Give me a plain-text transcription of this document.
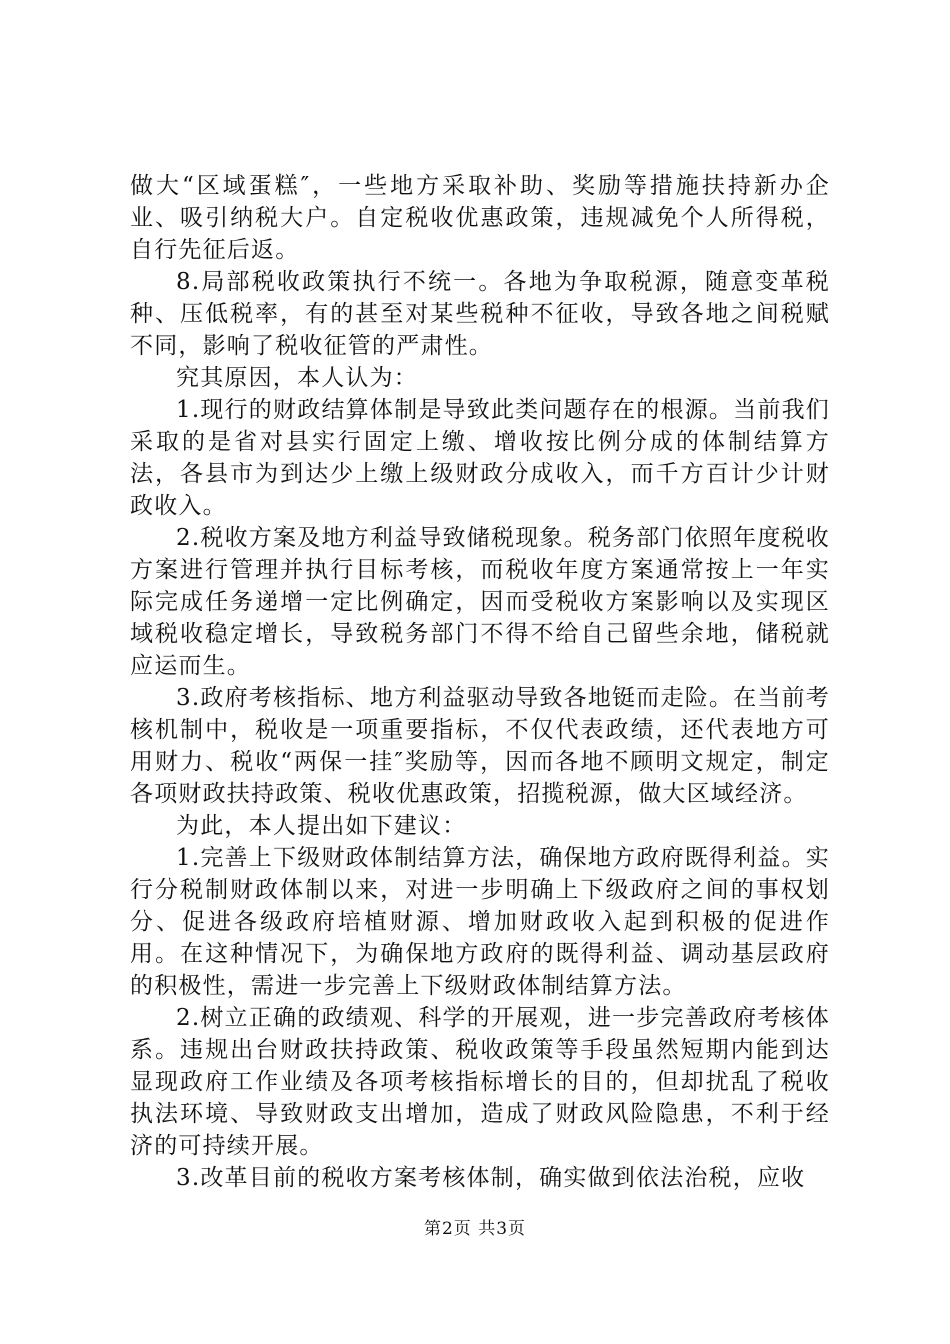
做大“区域蛋糕″，一些地方采取补助、奖励等措施扶持新办企业、吸引纳税大户。自定税收优惠政策，违规减免个人所得税，自行先征后返。

8.局部税收政策执行不统一。各地为争取税源，随意变革税种、压低税率，有的甚至对某些税种不征收，导致各地之间税赋不同，影响了税收征管的严肃性。

究其原因，本人认为：

1.现行的财政结算体制是导致此类问题存在的根源。当前我们采取的是省对县实行固定上缴、增收按比例分成的体制结算方法，各县市为到达少上缴上级财政分成收入，而千方百计少计财政收入。

2.税收方案及地方利益导致储税现象。税务部门依照年度税收方案进行管理并执行目标考核，而税收年度方案通常按上一年实际完成任务递增一定比例确定，因而受税收方案影响以及实现区域税收稳定增长，导致税务部门不得不给自己留些余地，储税就应运而生。

3.政府考核指标、地方利益驱动导致各地铤而走险。在当前考核机制中，税收是一项重要指标，不仅代表政绩，还代表地方可用财力、税收“两保一挂″奖励等，因而各地不顾明文规定，制定各项财政扶持政策、税收优惠政策，招揽税源，做大区域经济。

为此，本人提出如下建议：

1.完善上下级财政体制结算方法，确保地方政府既得利益。实行分税制财政体制以来，对进一步明确上下级政府之间的事权划分、促进各级政府培植财源、增加财政收入起到积极的促进作用。在这种情况下，为确保地方政府的既得利益、调动基层政府的积极性，需进一步完善上下级财政体制结算方法。

2.树立正确的政绩观、科学的开展观，进一步完善政府考核体系。违规出台财政扶持政策、税收政策等手段虽然短期内能到达显现政府工作业绩及各项考核指标增长的目的，但却扰乱了税收执法环境、导致财政支出增加，造成了财政风险隐患，不利于经济的可持续开展。

3.改革目前的税收方案考核体制，确实做到依法治税，应收

第2页 共3页
